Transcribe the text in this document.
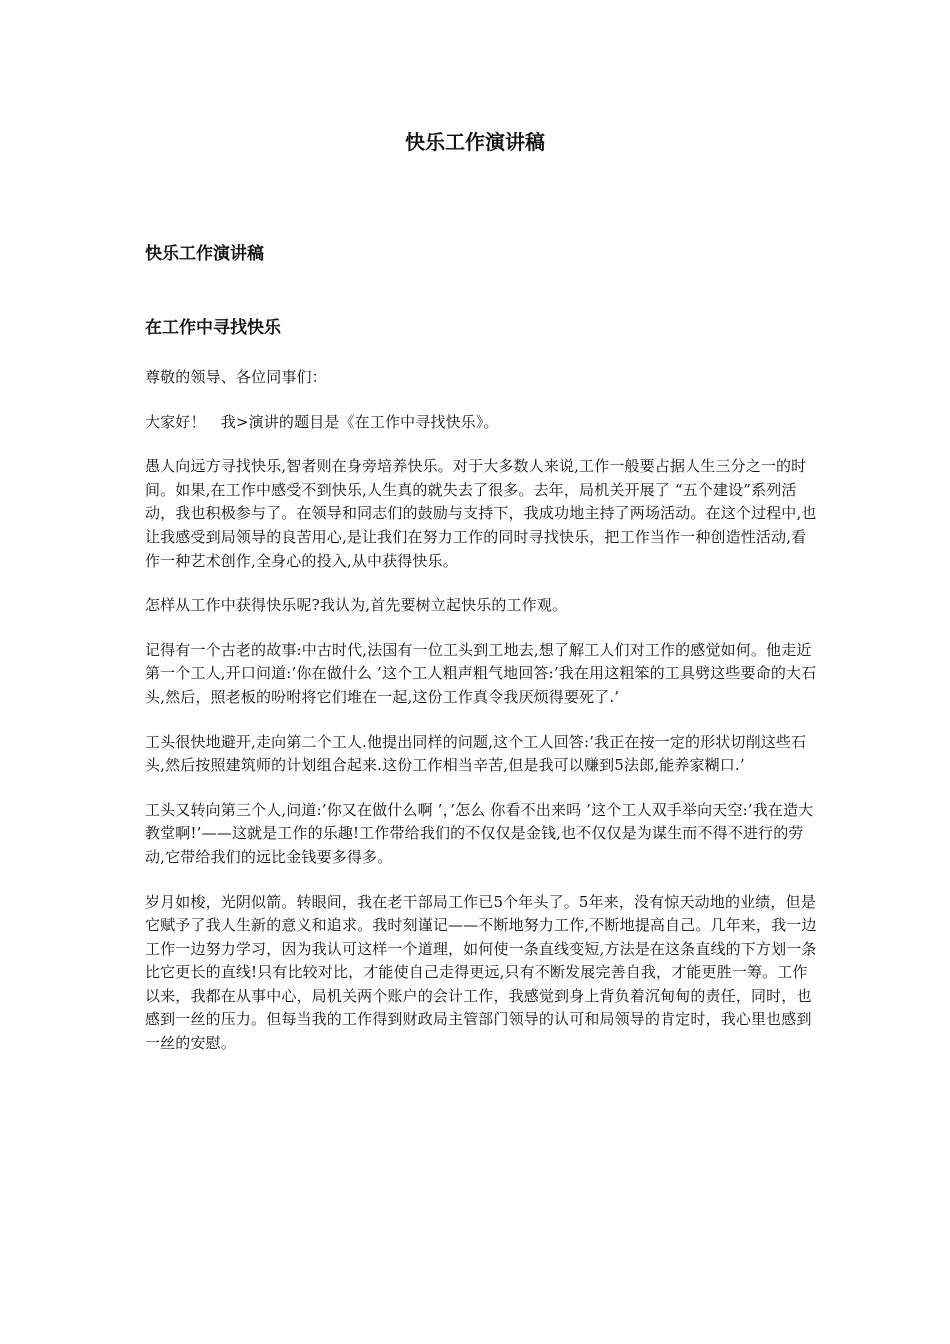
快乐工作演讲稿
快乐工作演讲稿
在工作中寻找快乐

尊敬的领导、各位同事们：

大家好！　我>演讲的题目是《在工作中寻找快乐》。

愚人向远方寻找快乐,智者则在身旁培养快乐。对于大多数人来说,工作一般要占据人生三分之一的时间。如果,在工作中感受不到快乐,人生真的就失去了很多。去年，局机关开展了 “五个建设”系列活动，我也积极参与了。在领导和同志们的鼓励与支持下，我成功地主持了两场活动。在这个过程中,也让我感受到局领导的良苦用心,是让我们在努力工作的同时寻找快乐，把工作当作一种创造性活动,看作一种艺术创作,全身心的投入,从中获得快乐。

怎样从工作中获得快乐呢?我认为,首先要树立起快乐的工作观。

记得有一个古老的故事:中古时代,法国有一位工头到工地去,想了解工人们对工作的感觉如何。他走近第一个工人,开口问道:’你在做什么 ’这个工人粗声粗气地回答:’我在用这粗笨的工具劈这些要命的大石头,然后，照老板的吩咐将它们堆在一起,这份工作真令我厌烦得要死了.’

工头很快地避开,走向第二个工人.他提出同样的问题,这个工人回答:’我正在按一定的形状切削这些石头,然后按照建筑师的计划组合起来.这份工作相当辛苦,但是我可以赚到5法郎,能养家糊口.’

工头又转向第三个人,问道:’你又在做什么啊 ’，’怎么 你看不出来吗 ’这个工人双手举向天空:’我在造大教堂啊!’——这就是工作的乐趣!工作带给我们的不仅仅是金钱,也不仅仅是为谋生而不得不进行的劳动,它带给我们的远比金钱要多得多。

岁月如梭，光阴似箭。转眼间，我在老干部局工作已5个年头了。5年来，没有惊天动地的业绩，但是它赋予了我人生新的意义和追求。我时刻谨记——不断地努力工作,不断地提高自己。几年来，我一边工作一边努力学习，因为我认可这样一个道理，如何使一条直线变短,方法是在这条直线的下方划一条比它更长的直线!只有比较对比，才能使自己走得更远,只有不断发展完善自我，才能更胜一筹。工作以来，我都在从事中心，局机关两个账户的会计工作，我感觉到身上背负着沉甸甸的责任，同时，也感到一丝的压力。但每当我的工作得到财政局主管部门领导的认可和局领导的肯定时，我心里也感到一丝的安慰。
